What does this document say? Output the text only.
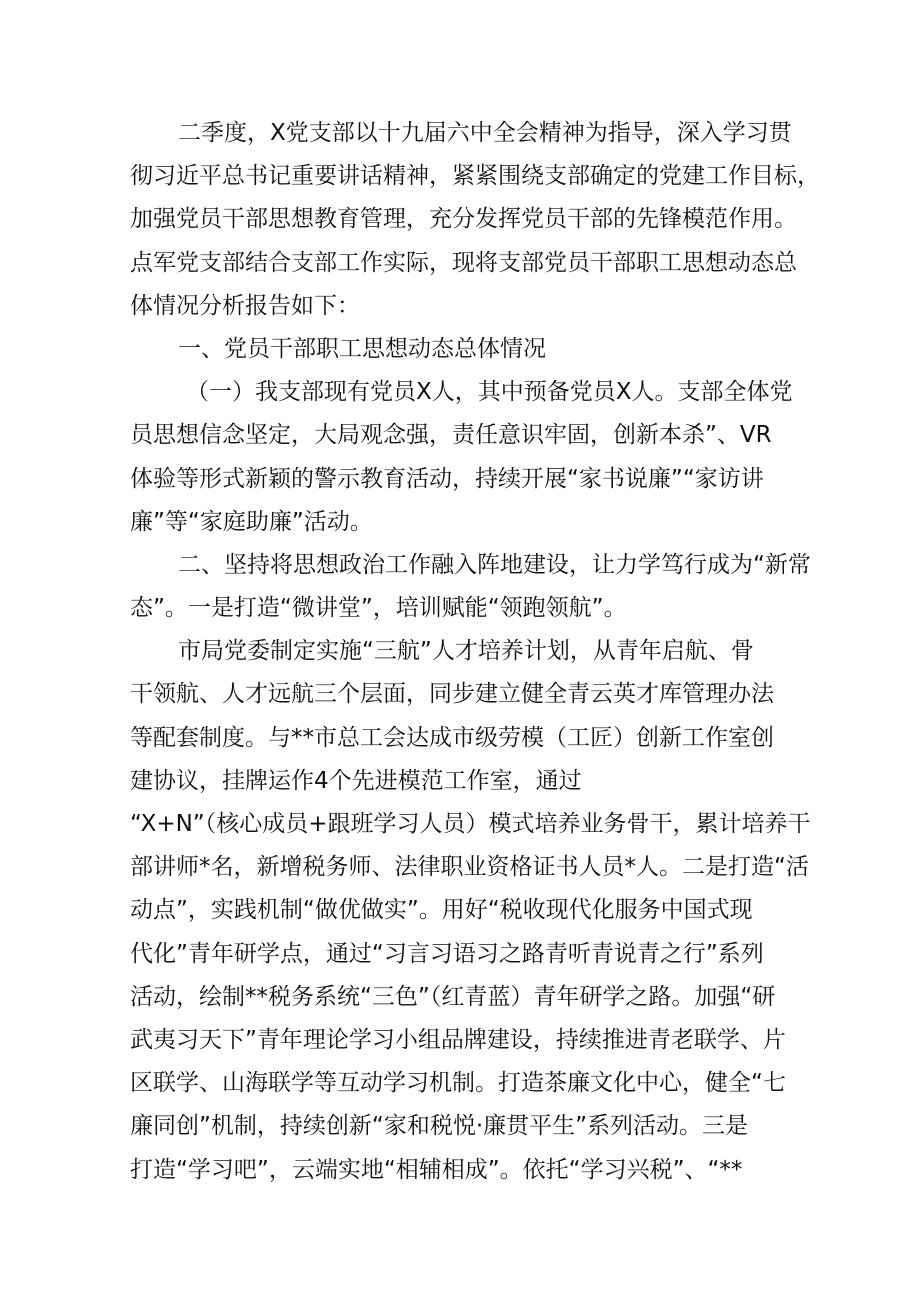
二季度，X党支部以十九届六中全会精神为指导，深入学习贯
彻习近平总书记重要讲话精神，紧紧围绕支部确定的党建工作目标，
加强党员干部思想教育管理，充分发挥党员干部的先锋模范作用。
点军党支部结合支部工作实际，现将支部党员干部职工思想动态总
体情况分析报告如下：
一、党员干部职工思想动态总体情况
（一）我支部现有党员X人，其中预备党员X人。支部全体党
员思想信念坚定，大局观念强，责任意识牢固，创新本杀”、VR
体验等形式新颖的警示教育活动，持续开展“家书说廉”“家访讲
廉”等“家庭助廉”活动。
二、坚持将思想政治工作融入阵地建设，让力学笃行成为“新常
态”。一是打造“微讲堂”，培训赋能“领跑领航”。
市局党委制定实施“三航”人才培养计划，从青年启航、骨
干领航、人才远航三个层面，同步建立健全青云英才库管理办法
等配套制度。与**市总工会达成市级劳模（工匠）创新工作室创
建协议，挂牌运作4个先进模范工作室，通过
“X+N”（核心成员+跟班学习人员）模式培养业务骨干，累计培养干
部讲师*名，新增税务师、法律职业资格证书人员*人。二是打造“活
动点”，实践机制“做优做实”。用好“税收现代化服务中国式现
代化”青年研学点，通过“习言习语习之路青听青说青之行”系列
活动，绘制**税务系统“三色”（红青蓝）青年研学之路。加强“研
武夷习天下”青年理论学习小组品牌建设，持续推进青老联学、片
区联学、山海联学等互动学习机制。打造茶廉文化中心，健全“七
廉同创”机制，持续创新“家和税悦·廉贯平生”系列活动。三是
打造“学习吧”，云端实地“相辅相成”。依托“学习兴税”、“**
